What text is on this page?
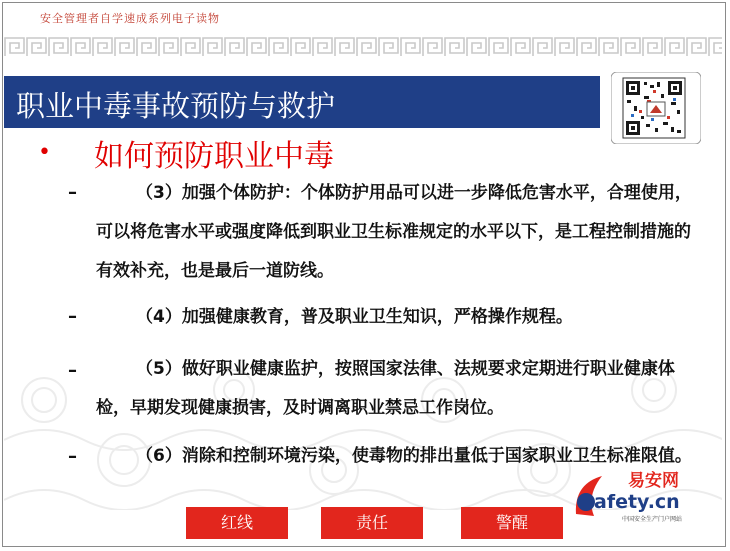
安全管理者自学速成系列电子读物
职业中毒事故预防与救护
• 如何预防职业中毒
–	（3）加强个体防护：个体防护用品可以进一步降低危害水平，合理使用，可以将危害水平或强度降低到职业卫生标准规定的水平以下，是工程控制措施的有效补充，也是最后一道防线。
–	（4）加强健康教育，普及职业卫生知识，严格操作规程。
–	（5）做好职业健康监护，按照国家法律、法规要求定期进行职业健康体检，早期发现健康损害，及时调离职业禁忌工作岗位。
–	（6）消除和控制环境污染，使毒物的排出量低于国家职业卫生标准限值。
易安网
afety.cn
中国安全生产门户网站
红线	责任	警醒
